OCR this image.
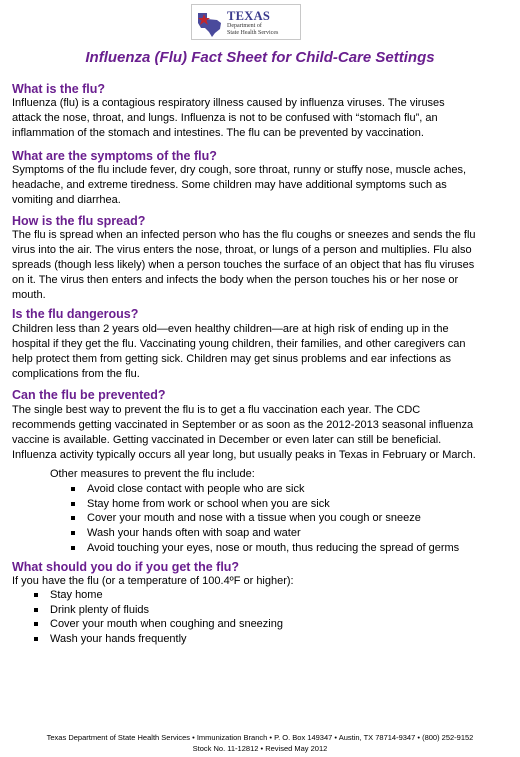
TEXAS
Department of
State Health Services
Influenza (Flu) Fact Sheet for Child-Care Settings
What is the flu?
Influenza (flu) is a contagious respiratory illness caused by influenza viruses. The viruses
attack the nose, throat, and lungs. Influenza is not to be confused with “stomach flu”, an
inflammation of the stomach and intestines. The flu can be prevented by vaccination.
What are the symptoms of the flu?
Symptoms of the flu include fever, dry cough, sore throat, runny or stuffy nose, muscle aches,
headache, and extreme tiredness. Some children may have additional symptoms such as
vomiting and diarrhea.
How is the flu spread?
The flu is spread when an infected person who has the flu coughs or sneezes and sends the flu
virus into the air. The virus enters the nose, throat, or lungs of a person and multiplies. Flu also
spreads (though less likely) when a person touches the surface of an object that has flu viruses
on it. The virus then enters and infects the body when the person touches his or her nose or
mouth.
Is the flu dangerous?
Children less than 2 years old—even healthy children—are at high risk of ending up in the
hospital if they get the flu. Vaccinating young children, their families, and other caregivers can
help protect them from getting sick. Children may get sinus problems and ear infections as
complications from the flu.
Can the flu be prevented?
The single best way to prevent the flu is to get a flu vaccination each year. The CDC
recommends getting vaccinated in September or as soon as the 2012-2013 seasonal influenza
vaccine is available. Getting vaccinated in December or even later can still be beneficial.
Influenza activity typically occurs all year long, but usually peaks in Texas in February or March.
Other measures to prevent the flu include:
Avoid close contact with people who are sick
Stay home from work or school when you are sick
Cover your mouth and nose with a tissue when you cough or sneeze
Wash your hands often with soap and water
Avoid touching your eyes, nose or mouth, thus reducing the spread of germs
What should you do if you get the flu?
If you have the flu (or a temperature of 100.4ºF or higher):
Stay home
Drink plenty of fluids
Cover your mouth when coughing and sneezing
Wash your hands frequently
Texas Department of State Health Services • Immunization Branch • P. O. Box 149347 • Austin, TX 78714-9347 • (800) 252-9152
Stock No. 11-12812 • Revised May 2012
